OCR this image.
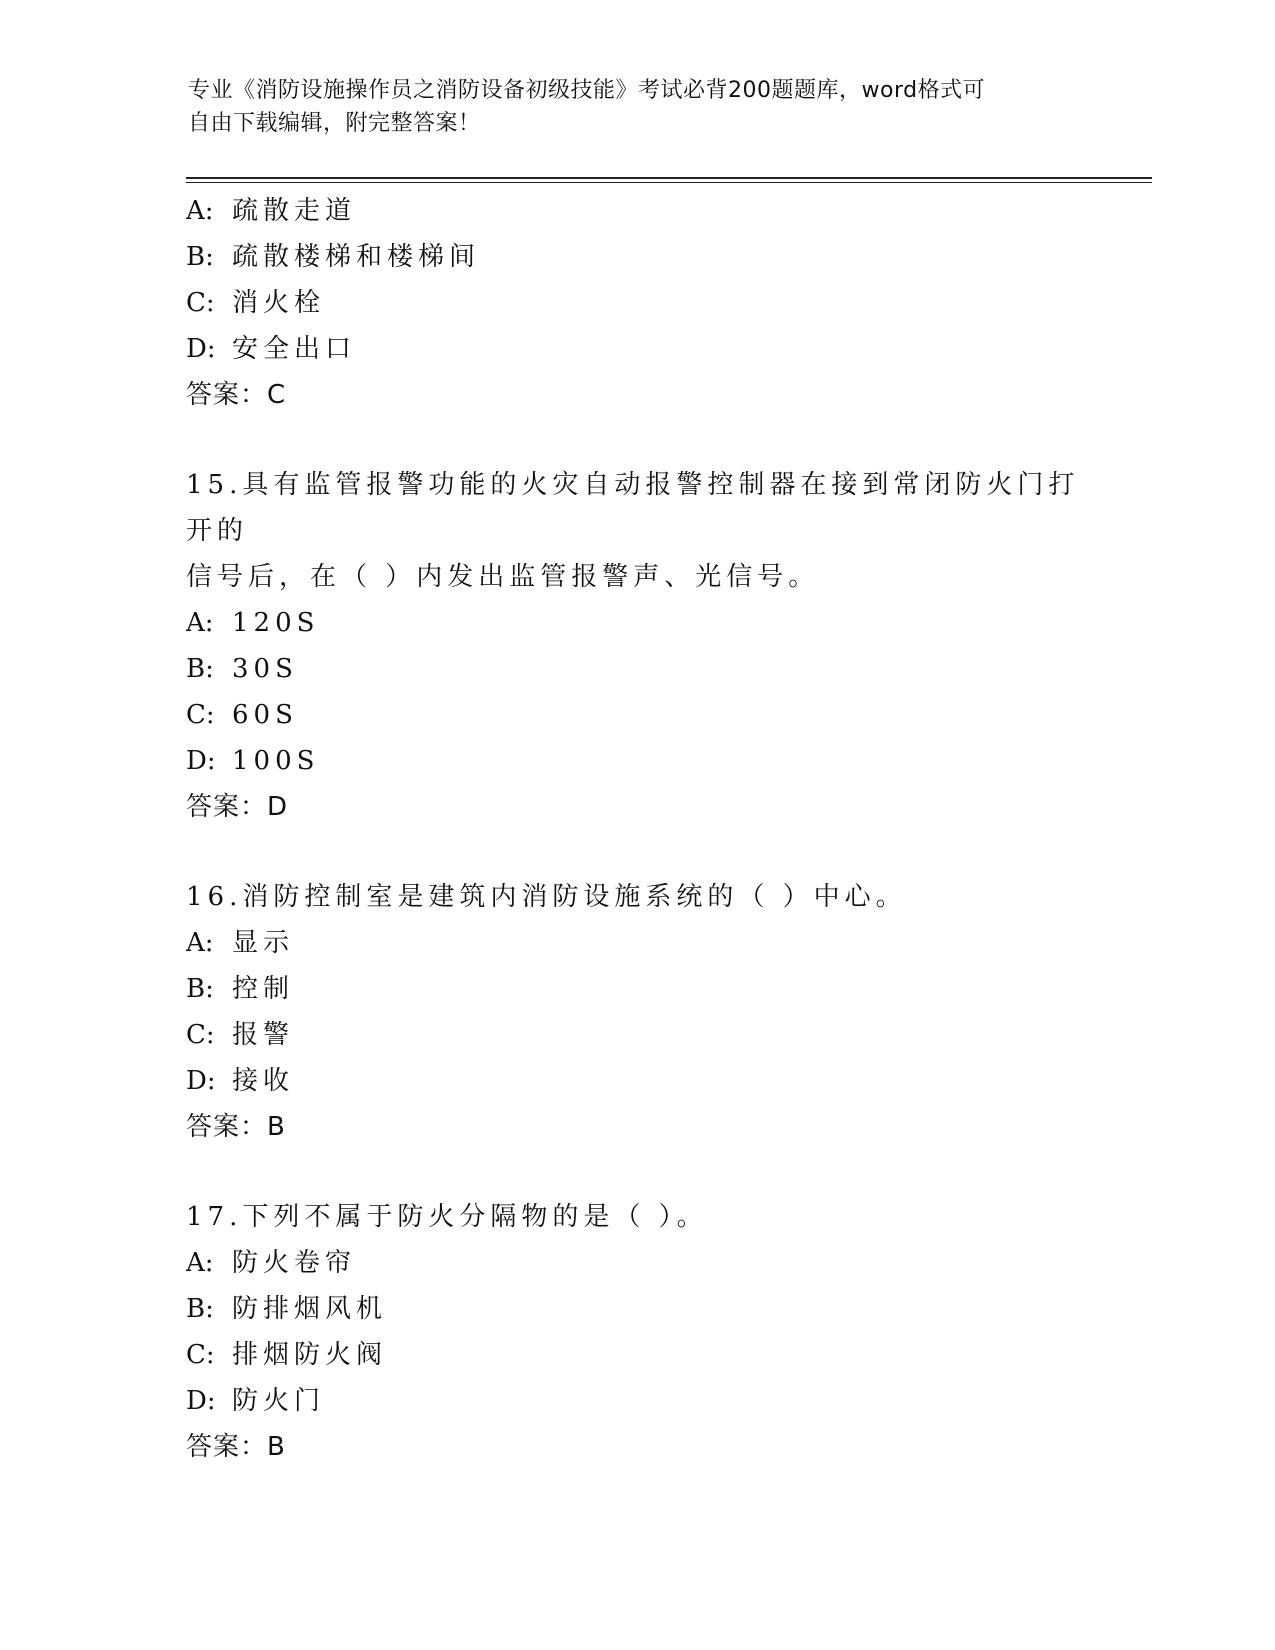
专业《消防设施操作员之消防设备初级技能》考试必背200题题库，word格式可
自由下载编辑，附完整答案！
A: 疏散走道
B: 疏散楼梯和楼梯间
C: 消火栓
D: 安全出口
答案：C
15.具有监管报警功能的火灾自动报警控制器在接到常闭防火门打开的
信号后，在（ ）内发出监管报警声、光信号。
A: 120S
B: 30S
C: 60S
D: 100S
答案：D
16.消防控制室是建筑内消防设施系统的（ ）中心。
A: 显示
B: 控制
C: 报警
D: 接收
答案：B
17.下列不属于防火分隔物的是（ ）。
A: 防火卷帘
B: 防排烟风机
C: 排烟防火阀
D: 防火门
答案：B
